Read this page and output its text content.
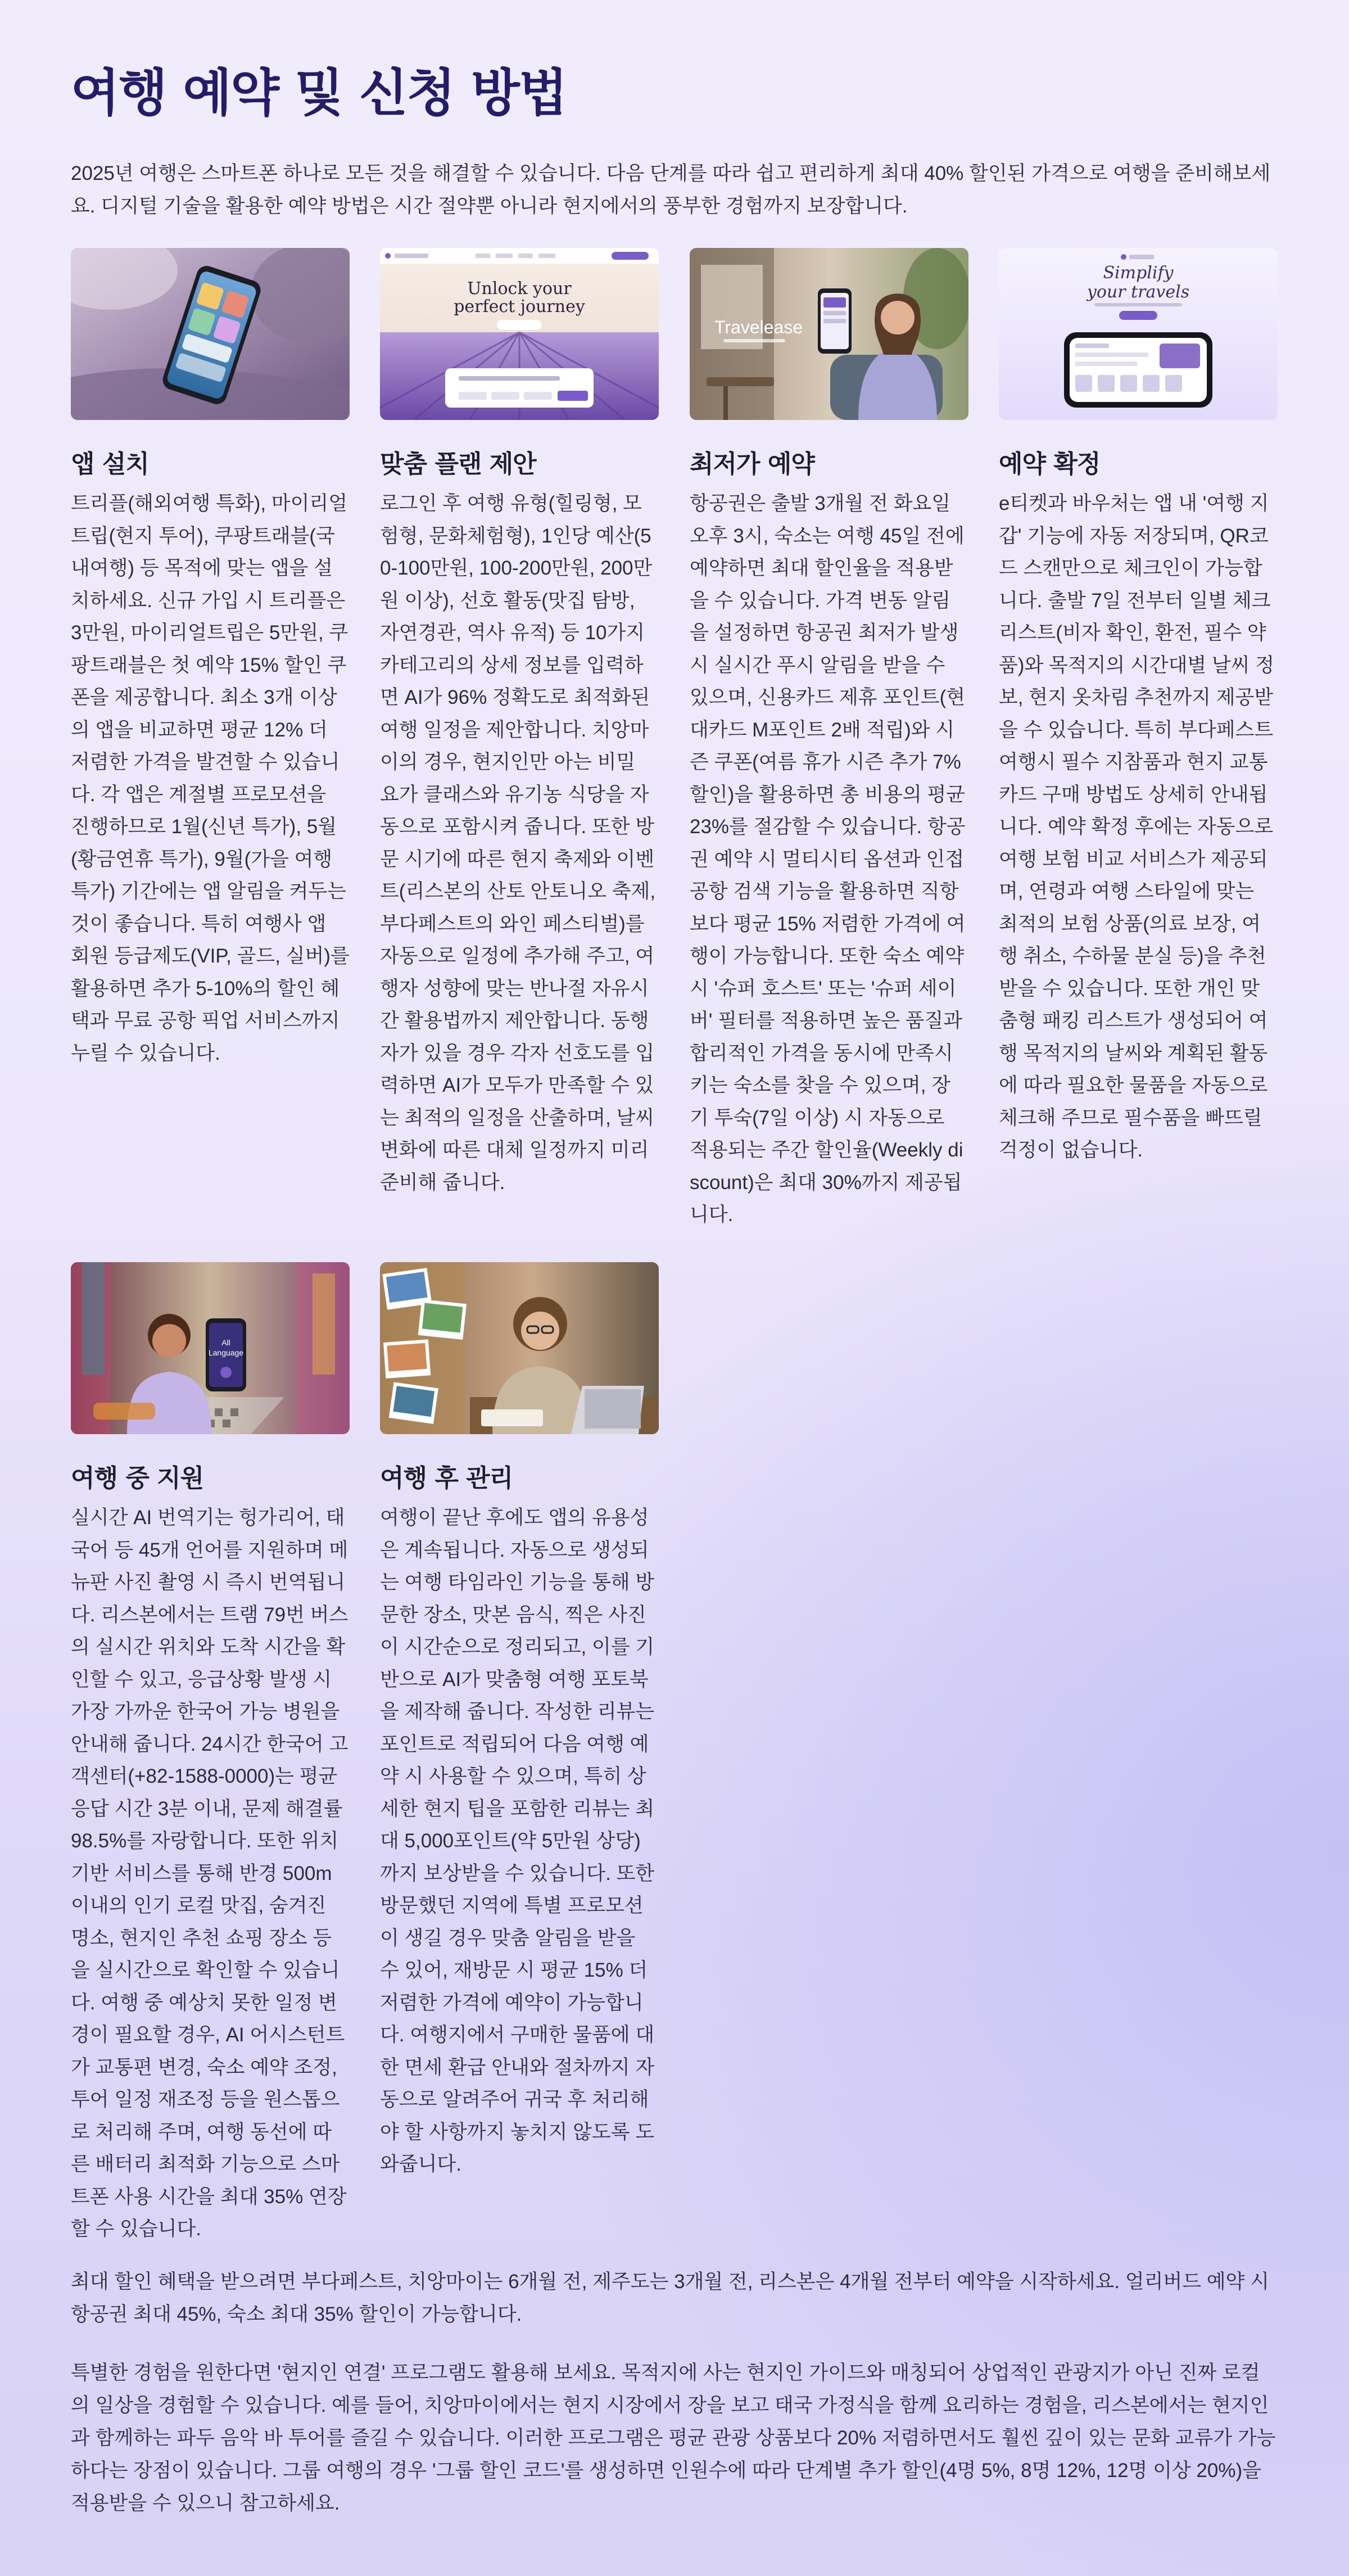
여행 예약 및 신청 방법

2025년 여행은 스마트폰 하나로 모든 것을 해결할 수 있습니다. 다음 단계를 따라 쉽고 편리하게 최대 40% 할인된 가격으로 여행을 준비해보세요. 디지털 기술을 활용한 예약 방법은 시간 절약뿐 아니라 현지에서의 풍부한 경험까지 보장합니다.

앱 설치

트리플(해외여행 특화), 마이리얼트립(현지 투어), 쿠팡트래블(국내여행) 등 목적에 맞는 앱을 설치하세요. 신규 가입 시 트리플은 3만원, 마이리얼트립은 5만원, 쿠팡트래블은 첫 예약 15% 할인 쿠폰을 제공합니다. 최소 3개 이상의 앱을 비교하면 평균 12% 더 저렴한 가격을 발견할 수 있습니다. 각 앱은 계절별 프로모션을 진행하므로 1월(신년 특가), 5월(황금연휴 특가), 9월(가을 여행 특가) 기간에는 앱 알림을 켜두는 것이 좋습니다. 특히 여행사 앱 회원 등급제도(VIP, 골드, 실버)를 활용하면 추가 5-10%의 할인 혜택과 무료 공항 픽업 서비스까지 누릴 수 있습니다.

Unlock your
perfect journey
맞춤 플랜 제안

로그인 후 여행 유형(힐링형, 모험형, 문화체험형), 1인당 예산(50-100만원, 100-200만원, 200만원 이상), 선호 활동(맛집 탐방, 자연경관, 역사 유적) 등 10가지 카테고리의 상세 정보를 입력하면 AI가 96% 정확도로 최적화된 여행 일정을 제안합니다. 치앙마이의 경우, 현지인만 아는 비밀 요가 클래스와 유기농 식당을 자동으로 포함시켜 줍니다. 또한 방문 시기에 따른 현지 축제와 이벤트(리스본의 산토 안토니오 축제, 부다페스트의 와인 페스티벌)를 자동으로 일정에 추가해 주고, 여행자 성향에 맞는 반나절 자유시간 활용법까지 제안합니다. 동행자가 있을 경우 각자 선호도를 입력하면 AI가 모두가 만족할 수 있는 최적의 일정을 산출하며, 날씨 변화에 따른 대체 일정까지 미리 준비해 줍니다.

Travelease
최저가 예약

항공권은 출발 3개월 전 화요일 오후 3시, 숙소는 여행 45일 전에 예약하면 최대 할인율을 적용받을 수 있습니다. 가격 변동 알림을 설정하면 항공권 최저가 발생 시 실시간 푸시 알림을 받을 수 있으며, 신용카드 제휴 포인트(현대카드 M포인트 2배 적립)와 시즌 쿠폰(여름 휴가 시즌 추가 7% 할인)을 활용하면 총 비용의 평균 23%를 절감할 수 있습니다. 항공권 예약 시 멀티시티 옵션과 인접 공항 검색 기능을 활용하면 직항보다 평균 15% 저렴한 가격에 여행이 가능합니다. 또한 숙소 예약 시 '슈퍼 호스트' 또는 '슈퍼 세이버' 필터를 적용하면 높은 품질과 합리적인 가격을 동시에 만족시키는 숙소를 찾을 수 있으며, 장기 투숙(7일 이상) 시 자동으로 적용되는 주간 할인율(Weekly discount)은 최대 30%까지 제공됩니다.

Simplify
your travels
예약 확정

e티켓과 바우처는 앱 내 '여행 지갑' 기능에 자동 저장되며, QR코드 스캔만으로 체크인이 가능합니다. 출발 7일 전부터 일별 체크리스트(비자 확인, 환전, 필수 약품)와 목적지의 시간대별 날씨 정보, 현지 옷차림 추천까지 제공받을 수 있습니다. 특히 부다페스트 여행시 필수 지참품과 현지 교통카드 구매 방법도 상세히 안내됩니다. 예약 확정 후에는 자동으로 여행 보험 비교 서비스가 제공되며, 연령과 여행 스타일에 맞는 최적의 보험 상품(의료 보장, 여행 취소, 수하물 분실 등)을 추천받을 수 있습니다. 또한 개인 맞춤형 패킹 리스트가 생성되어 여행 목적지의 날씨와 계획된 활동에 따라 필요한 물품을 자동으로 체크해 주므로 필수품을 빠뜨릴 걱정이 없습니다.

All
Language
여행 중 지원

실시간 AI 번역기는 헝가리어, 태국어 등 45개 언어를 지원하며 메뉴판 사진 촬영 시 즉시 번역됩니다. 리스본에서는 트램 79번 버스의 실시간 위치와 도착 시간을 확인할 수 있고, 응급상황 발생 시 가장 가까운 한국어 가능 병원을 안내해 줍니다. 24시간 한국어 고객센터(+82-1588-0000)는 평균 응답 시간 3분 이내, 문제 해결률 98.5%를 자랑합니다. 또한 위치 기반 서비스를 통해 반경 500m 이내의 인기 로컬 맛집, 숨겨진 명소, 현지인 추천 쇼핑 장소 등을 실시간으로 확인할 수 있습니다. 여행 중 예상치 못한 일정 변경이 필요할 경우, AI 어시스턴트가 교통편 변경, 숙소 예약 조정, 투어 일정 재조정 등을 원스톱으로 처리해 주며, 여행 동선에 따른 배터리 최적화 기능으로 스마트폰 사용 시간을 최대 35% 연장할 수 있습니다.

여행 후 관리

여행이 끝난 후에도 앱의 유용성은 계속됩니다. 자동으로 생성되는 여행 타임라인 기능을 통해 방문한 장소, 맛본 음식, 찍은 사진이 시간순으로 정리되고, 이를 기반으로 AI가 맞춤형 여행 포토북을 제작해 줍니다. 작성한 리뷰는 포인트로 적립되어 다음 여행 예약 시 사용할 수 있으며, 특히 상세한 현지 팁을 포함한 리뷰는 최대 5,000포인트(약 5만원 상당)까지 보상받을 수 있습니다. 또한 방문했던 지역에 특별 프로모션이 생길 경우 맞춤 알림을 받을 수 있어, 재방문 시 평균 15% 더 저렴한 가격에 예약이 가능합니다. 여행지에서 구매한 물품에 대한 면세 환급 안내와 절차까지 자동으로 알려주어 귀국 후 처리해야 할 사항까지 놓치지 않도록 도와줍니다.

최대 할인 혜택을 받으려면 부다페스트, 치앙마이는 6개월 전, 제주도는 3개월 전, 리스본은 4개월 전부터 예약을 시작하세요. 얼리버드 예약 시 항공권 최대 45%, 숙소 최대 35% 할인이 가능합니다.

특별한 경험을 원한다면 '현지인 연결' 프로그램도 활용해 보세요. 목적지에 사는 현지인 가이드와 매칭되어 상업적인 관광지가 아닌 진짜 로컬의 일상을 경험할 수 있습니다. 예를 들어, 치앙마이에서는 현지 시장에서 장을 보고 태국 가정식을 함께 요리하는 경험을, 리스본에서는 현지인과 함께하는 파두 음악 바 투어를 즐길 수 있습니다. 이러한 프로그램은 평균 관광 상품보다 20% 저렴하면서도 훨씬 깊이 있는 문화 교류가 가능하다는 장점이 있습니다. 그룹 여행의 경우 '그룹 할인 코드'를 생성하면 인원수에 따라 단계별 추가 할인(4명 5%, 8명 12%, 12명 이상 20%)을 적용받을 수 있으니 참고하세요.
